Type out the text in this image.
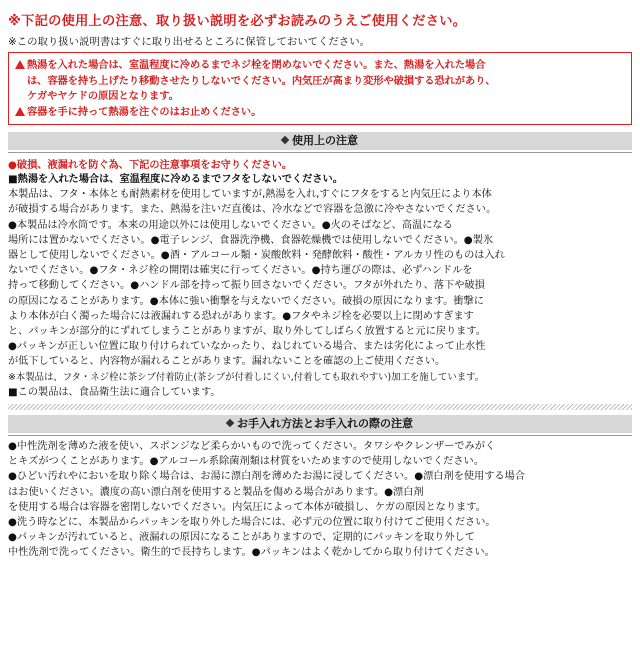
※下記の使用上の注意、取り扱い説明を必ずお読みのうえご使用ください。
※この取り扱い説明書はすぐに取り出せるところに保管しておいてください。
熱湯を入れた場合は、室温程度に冷めるまでネジ栓を閉めないでください。また、熱湯を入れた場合
は、容器を持ち上げたり移動させたりしないでください。内気圧が高まり変形や破損する恐れがあり、
ケガやヤケドの原因となります。
容器を手に持って熱湯を注ぐのはお止めください。
使用上の注意
●破損、液漏れを防ぐ為、下記の注意事項をお守りください。
■熱湯を入れた場合は、室温程度に冷めるまでフタをしないでください。
本製品は、フタ・本体とも耐熱素材を使用していますが,熱湯を入れ,すぐにフタをすると内気圧により本体
が破損する場合があります。また、熱湯を注いだ直後は、冷水などで容器を急激に冷やさないでください。
●本製品は冷水筒です。本来の用途以外には使用しないでください。●火のそばなど、高温になる
場所には置かないでください。●電子レンジ、食器洗浄機、食器乾燥機では使用しないでください。●製氷
器として使用しないでください。●酒・アルコール類・炭酸飲料・発酵飲料・酸性・アルカリ性のものは入れ
ないでください。●フタ・ネジ栓の開閉は確実に行ってください。●持ち運びの際は、必ずハンドルを
持って移動してください。●ハンドル部を持って振り回さないでください。フタが外れたり、落下や破損
の原因になることがあります。●本体に強い衝撃を与えないでください。破損の原因になります。衝撃に
より本体が白く濁った場合には液漏れする恐れがあります。●フタやネジ栓を必要以上に閉めすぎます
と、パッキンが部分的にずれてしまうことがありますが、取り外してしばらく放置すると元に戻ります。
●パッキンが正しい位置に取り付けられていなかったり、ねじれている場合、または劣化によって止水性
が低下していると、内容物が漏れることがあります。漏れないことを確認の上ご使用ください。
※本製品は、フタ・ネジ栓に茶シブ付着防止(茶シブが付着しにくい,付着しても取れやすい)加工を施しています。
■この製品は、食品衛生法に適合しています。
お手入れ方法とお手入れの際の注意
●中性洗剤を薄めた液を使い、スポンジなど柔らかいもので洗ってください。タワシやクレンザーでみがく
とキズがつくことがあります。●アルコール系除菌剤類は材質をいためますので使用しないでください。
●ひどい汚れやにおいを取り除く場合は、お湯に漂白剤を薄めたお湯に浸してください。●漂白剤を使用する場合
はお使いください。濃度の高い漂白剤を使用すると製品を傷める場合があります。●漂白剤
を使用する場合は容器を密閉しないでください。内気圧によって本体が破損し、ケガの原因となります。
●洗う時などに、本製品からパッキンを取り外した場合には、必ず元の位置に取り付けてご使用ください。
●パッキンが汚れていると、液漏れの原因になることがありますので、定期的にパッキンを取り外して
中性洗剤で洗ってください。衛生的で長持ちします。●パッキンはよく乾かしてから取り付けてください。
